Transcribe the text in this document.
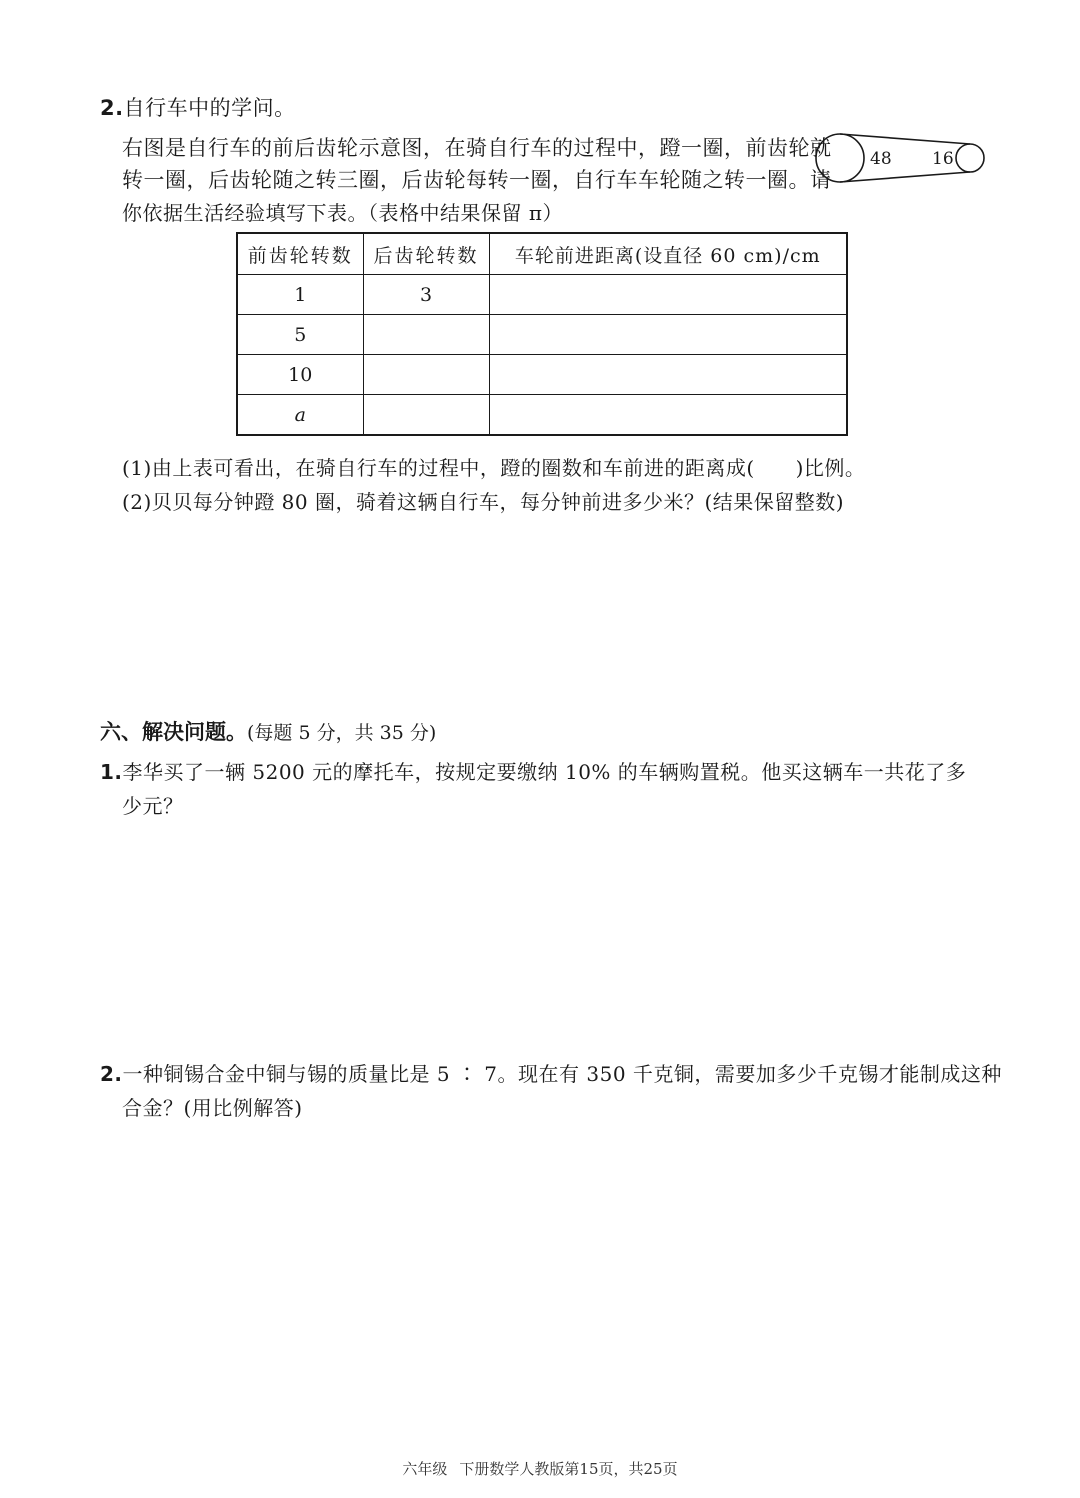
2.自行车中的学问。
右图是自行车的前后齿轮示意图，在骑自行车的过程中，蹬一圈，前齿轮就
转一圈，后齿轮随之转三圈，后齿轮每转一圈，自行车车轮随之转一圈。请
你依据生活经验填写下表。（表格中结果保留 π）
48 16
前齿轮转数	后齿轮转数	车轮前进距离(设直径 60 cm)/cm
1	3	
5		
10		
a		
(1)由上表可看出，在骑自行车的过程中，蹬的圈数和车前进的距离成(　　)比例。
(2)贝贝每分钟蹬 80 圈，骑着这辆自行车，每分钟前进多少米？(结果保留整数)
六、解决问题。(每题 5 分，共 35 分)
1.李华买了一辆 5200 元的摩托车，按规定要缴纳 10% 的车辆购置税。他买这辆车一共花了多
少元？
2.一种铜锡合金中铜与锡的质量比是 5 ∶ 7。现在有 350 千克铜，需要加多少千克锡才能制成这种
合金？(用比例解答)
六年级 下册数学人教版第15页，共25页
